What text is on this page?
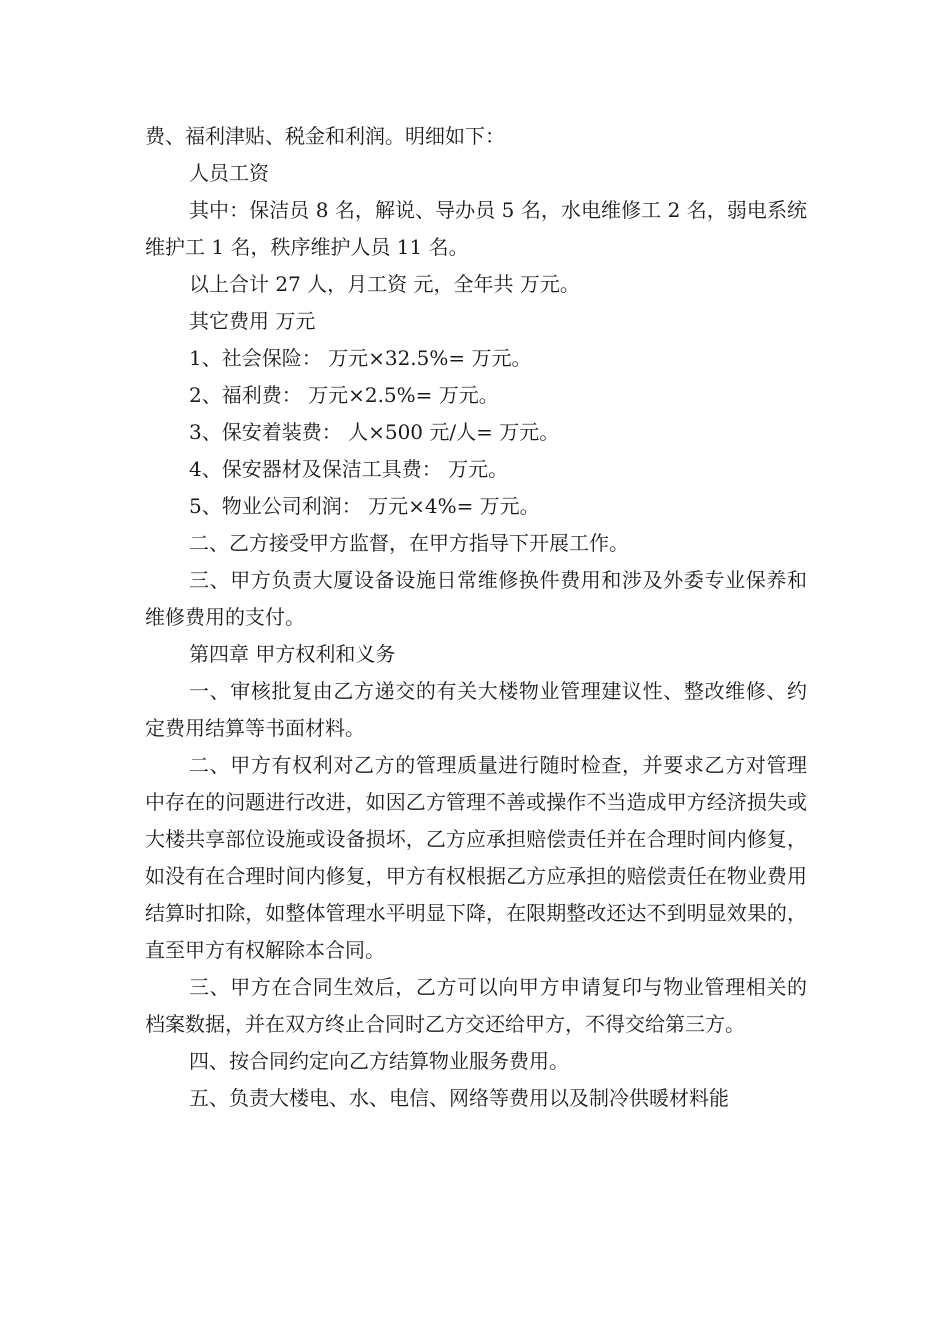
费、福利津贴、税金和利润。明细如下：

人员工资

其中：保洁员 8 名，解说、导办员 5 名，水电维修工 2 名，弱电系统维护工 1 名，秩序维护人员 11 名。

以上合计 27 人，月工资 元，全年共 万元。

其它费用 万元

1、社会保险： 万元×32.5%= 万元。

2、福利费： 万元×2.5%= 万元。

3、保安着装费： 人×500 元/人= 万元。

4、保安器材及保洁工具费： 万元。

5、物业公司利润： 万元×4%= 万元。

二、乙方接受甲方监督，在甲方指导下开展工作。

三、甲方负责大厦设备设施日常维修换件费用和涉及外委专业保养和维修费用的支付。

第四章 甲方权利和义务

一、审核批复由乙方递交的有关大楼物业管理建议性、整改维修、约定费用结算等书面材料。

二、甲方有权利对乙方的管理质量进行随时检查，并要求乙方对管理中存在的问题进行改进，如因乙方管理不善或操作不当造成甲方经济损失或大楼共享部位设施或设备损坏，乙方应承担赔偿责任并在合理时间内修复，如没有在合理时间内修复，甲方有权根据乙方应承担的赔偿责任在物业费用结算时扣除，如整体管理水平明显下降，在限期整改还达不到明显效果的，直至甲方有权解除本合同。

三、甲方在合同生效后，乙方可以向甲方申请复印与物业管理相关的档案数据，并在双方终止合同时乙方交还给甲方，不得交给第三方。

四、按合同约定向乙方结算物业服务费用。

五、负责大楼电、水、电信、网络等费用以及制冷供暖材料能
